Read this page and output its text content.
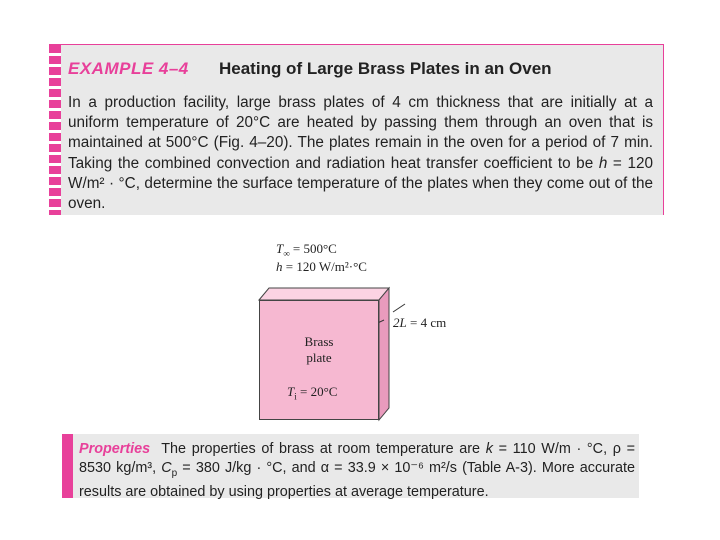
EXAMPLE 4–4 Heating of Large Brass Plates in an Oven
In a production facility, large brass plates of 4 cm thickness that are initially at a uniform temperature of 20°C are heated by passing them through an oven that is maintained at 500°C (Fig. 4–20). The plates remain in the oven for a period of 7 min. Taking the combined convection and radiation heat transfer coefficient to be h = 120 W/m² · °C, determine the surface temperature of the plates when they come out of the oven.
$T_\infty = 500^\circ C$
h = 120 W/m²·°C
Brass
plate
$T_i = 20^\circ C$
2L = 4 cm
Properties  The properties of brass at room temperature are k = 110 W/m · °C, ρ = 8530 kg/m³, $C_p = 380$ J/kg · °C, and α = 33.9 × 10⁻⁶ m²/s (Table A-3). More accurate results are obtained by using properties at average temperature.
